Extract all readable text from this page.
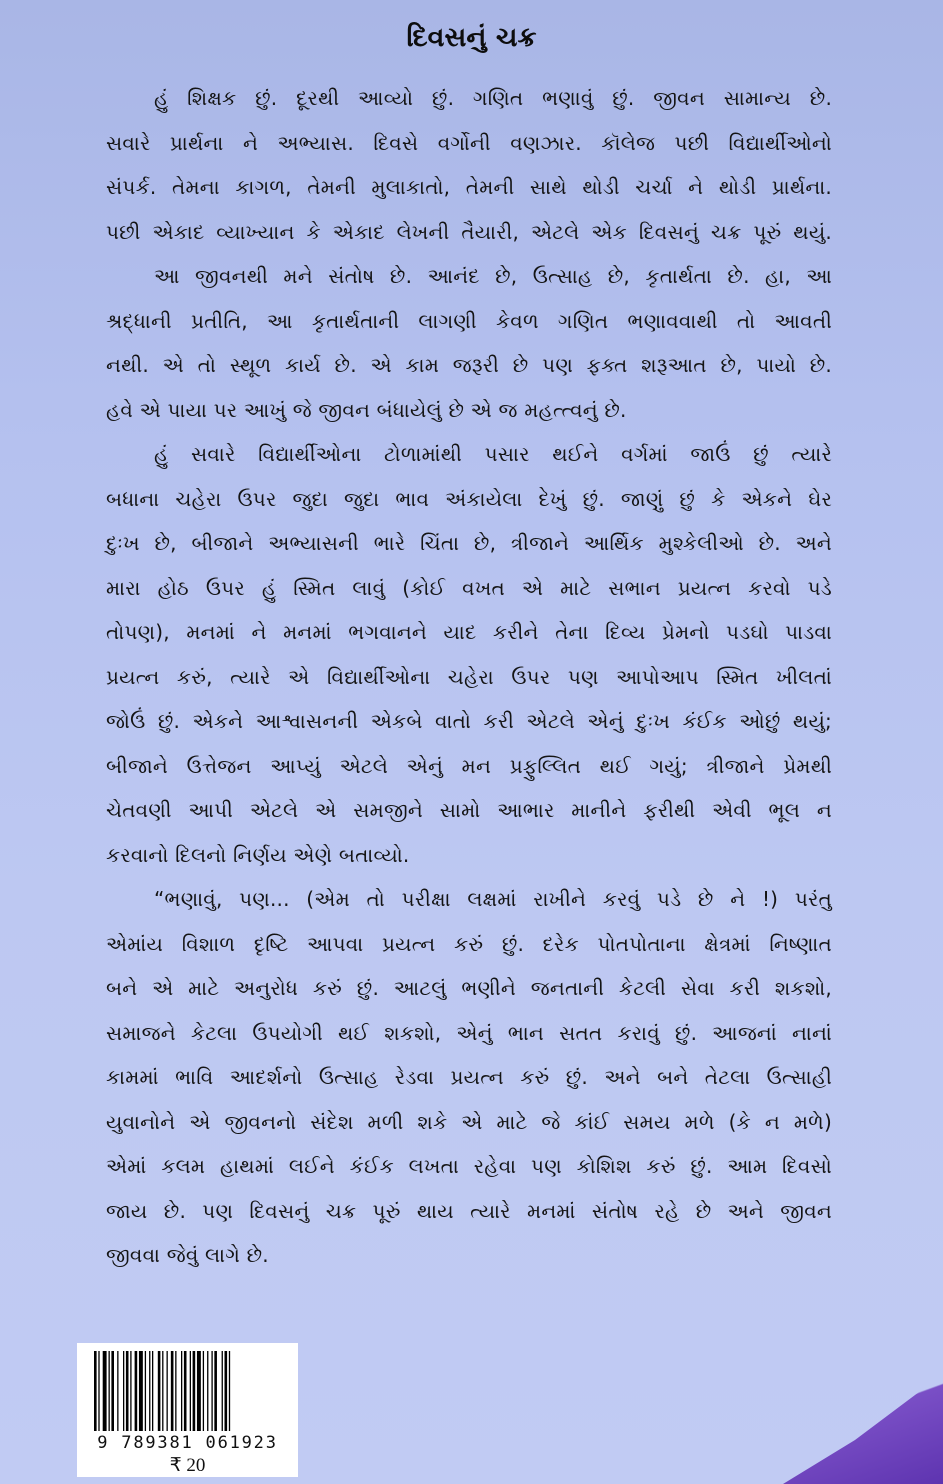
દિવસનું ચક્ર
હું શિક્ષક છું. દૂરથી આવ્યો છું. ગણિત ભણાવું છું. જીવન સામાન્ય છે.
સવારે પ્રાર્થના ને અભ્યાસ. દિવસે વર્ગોની વણઝાર. કૉલેજ પછી વિદ્યાર્થીઓનો
સંપર્ક. તેમના કાગળ, તેમની મુલાકાતો, તેમની સાથે થોડી ચર્ચા ને થોડી પ્રાર્થના.
પછી એકાદ વ્યાખ્યાન કે એકાદ લેખની તૈયારી, એટલે એક દિવસનું ચક્ર પૂરું થયું.
આ જીવનથી મને સંતોષ છે. આનંદ છે, ઉત્સાહ છે, કૃતાર્થતા છે. હા, આ
શ્રદ્ધાની પ્રતીતિ, આ કૃતાર્થતાની લાગણી કેવળ ગણિત ભણાવવાથી તો આવતી
નથી. એ તો સ્થૂળ કાર્ય છે. એ કામ જરૂરી છે પણ ફક્ત શરૂઆત છે, પાયો છે.
હવે એ પાયા પર આખું જે જીવન બંધાયેલું છે એ જ મહત્ત્વનું છે.
હું સવારે વિદ્યાર્થીઓના ટોળામાંથી પસાર થઈને વર્ગમાં જાઉં છું ત્યારે
બધાના ચહેરા ઉપર જુદા જુદા ભાવ અંકાયેલા દેખું છું. જાણું છું કે એકને ઘેર
દુઃખ છે, બીજાને અભ્યાસની ભારે ચિંતા છે, ત્રીજાને આર્થિક મુશ્કેલીઓ છે. અને
મારા હોઠ ઉપર હું સ્મિત લાવું (કોઈ વખત એ માટે સભાન પ્રયત્ન કરવો પડે
તોપણ), મનમાં ને મનમાં ભગવાનને યાદ કરીને તેના દિવ્ય પ્રેમનો પડઘો પાડવા
પ્રયત્ન કરું, ત્યારે એ વિદ્યાર્થીઓના ચહેરા ઉપર પણ આપોઆપ સ્મિત ખીલતાં
જોઉં છું. એકને આશ્વાસનની એકબે વાતો કરી એટલે એનું દુઃખ કંઈક ઓછું થયું;
બીજાને ઉત્તેજન આપ્યું એટલે એનું મન પ્રફુલ્લિત થઈ ગયું; ત્રીજાને પ્રેમથી
ચેતવણી આપી એટલે એ સમજીને સામો આભાર માનીને ફરીથી એવી ભૂલ ન
કરવાનો દિલનો નિર્ણય એણે બતાવ્યો.
“ભણાવું, પણ... (એમ તો પરીક્ષા લક્ષમાં રાખીને કરવું પડે છે ને !) પરંતુ
એમાંય વિશાળ દૃષ્ટિ આપવા પ્રયત્ન કરું છું. દરેક પોતપોતાના ક્ષેત્રમાં નિષ્ણાત
બને એ માટે અનુરોધ કરું છું. આટલું ભણીને જનતાની કેટલી સેવા કરી શકશો,
સમાજને કેટલા ઉપયોગી થઈ શકશો, એનું ભાન સતત કરાવું છું. આજનાં નાનાં
કામમાં ભાવિ આદર્શનો ઉત્સાહ રેડવા પ્રયત્ન કરું છું. અને બને તેટલા ઉત્સાહી
યુવાનોને એ જીવનનો સંદેશ મળી શકે એ માટે જે કાંઈ સમય મળે (કે ન મળે)
એમાં કલમ હાથમાં લઈને કંઈક લખતા રહેવા પણ કોશિશ કરું છું. આમ દિવસો
જાય છે. પણ દિવસનું ચક્ર પૂરું થાય ત્યારે મનમાં સંતોષ રહે છે અને જીવન
જીવવા જેવું લાગે છે.
9 789381 061923
₹ 20
